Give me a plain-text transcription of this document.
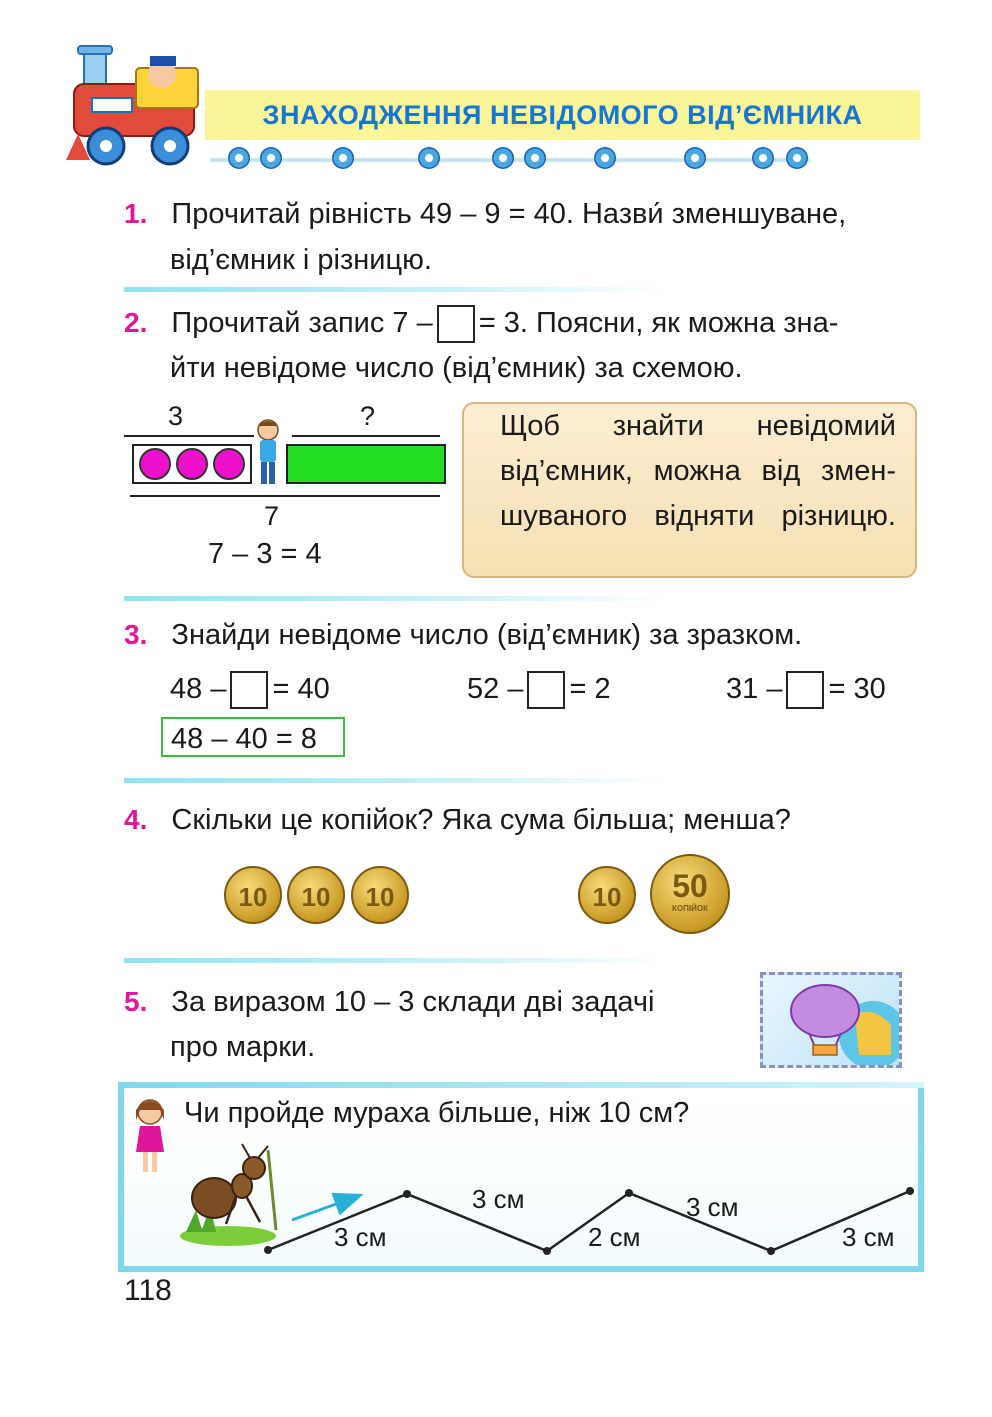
ЗНАХОДЖЕННЯ НЕВІДОМОГО ВІД’ЄМНИКА
1. Прочитай рівність 49 – 9 = 40. Назви́ зменшуване,
від’ємник і різницю.
2. Прочитай запис 7 – = 3. Поясни, як можна зна-
йти невідоме число (від’ємник) за схемою.
3	?
7
7 – 3 = 4
Щоб знайти невідомий
від’ємник, можна від змен-
шуваного відняти різницю.
3. Знайди невідоме число (від’ємник) за зразком.
48 – = 40	52 – = 2	31 – = 30
48 – 40 = 8
4. Скільки це копійок? Яка сума більша; менша?
10	10	10	10	50
КОПІЙОК
5. За виразом 10 – 3 склади дві задачі
про марки.
Чи пройде мураха більше, ніж 10 см?
3 см
3 см
2 см
3 см
3 см
118
